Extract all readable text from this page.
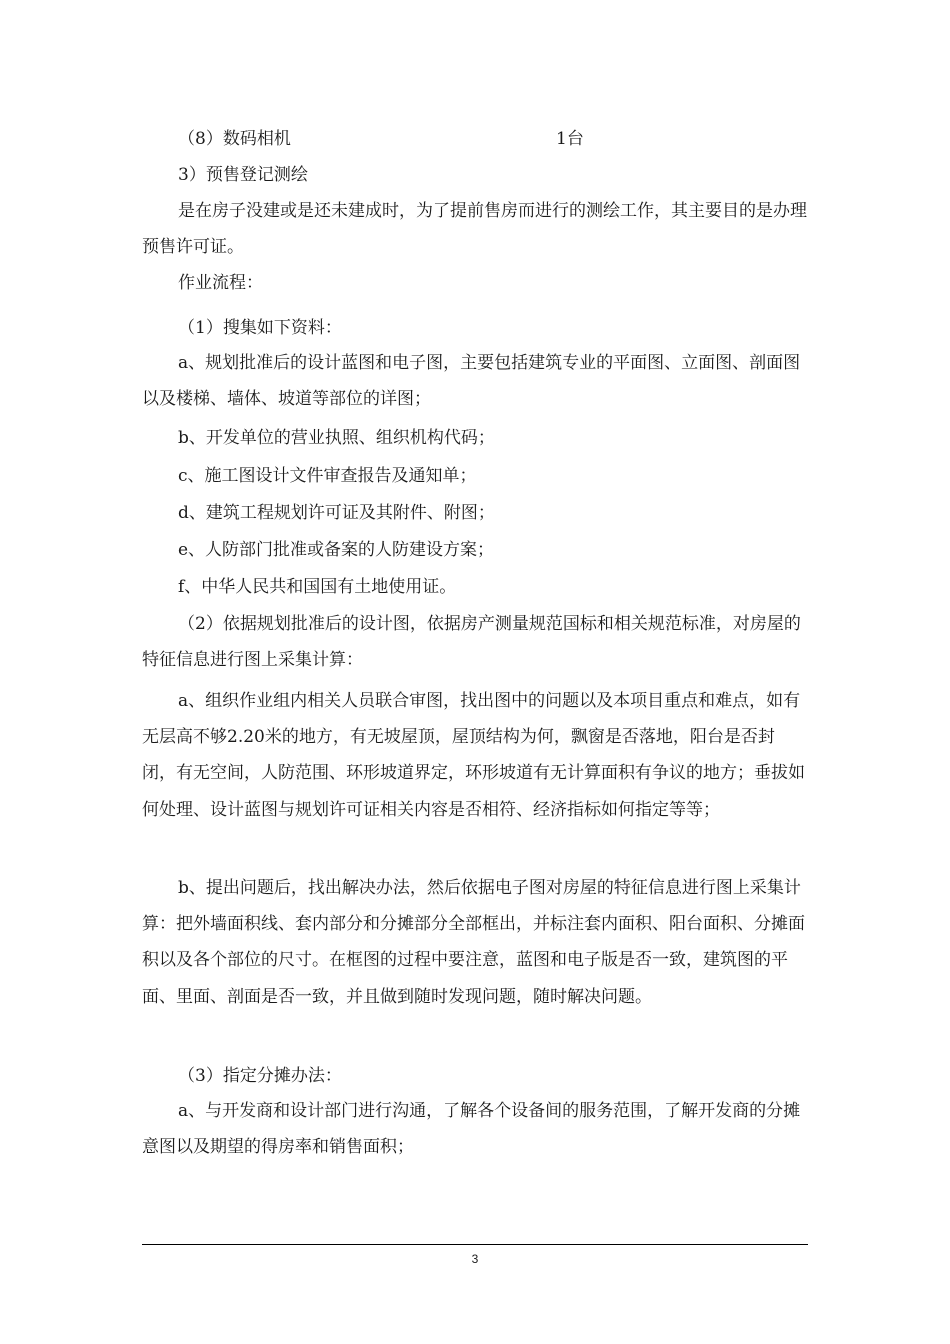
（8）数码相机	1台
3）预售登记测绘
是在房子没建或是还未建成时，为了提前售房而进行的测绘工作，其主要目的是办理预售许可证。
作业流程：
（1）搜集如下资料：
a、规划批准后的设计蓝图和电子图，主要包括建筑专业的平面图、立面图、剖面图以及楼梯、墙体、坡道等部位的详图；
b、开发单位的营业执照、组织机构代码；
c、施工图设计文件审查报告及通知单；
d、建筑工程规划许可证及其附件、附图；
e、人防部门批准或备案的人防建设方案；
f、中华人民共和国国有土地使用证。
（2）依据规划批准后的设计图，依据房产测量规范国标和相关规范标准，对房屋的特征信息进行图上采集计算：
a、组织作业组内相关人员联合审图，找出图中的问题以及本项目重点和难点，如有无层高不够2.20米的地方，有无坡屋顶，屋顶结构为何，飘窗是否落地，阳台是否封闭，有无空间，人防范围、环形坡道界定，环形坡道有无计算面积有争议的地方；垂拔如何处理、设计蓝图与规划许可证相关内容是否相符、经济指标如何指定等等；
b、提出问题后，找出解决办法，然后依据电子图对房屋的特征信息进行图上采集计算：把外墙面积线、套内部分和分摊部分全部框出，并标注套内面积、阳台面积、分摊面积以及各个部位的尺寸。在框图的过程中要注意，蓝图和电子版是否一致，建筑图的平面、里面、剖面是否一致，并且做到随时发现问题，随时解决问题。
（3）指定分摊办法：
a、与开发商和设计部门进行沟通，了解各个设备间的服务范围，了解开发商的分摊意图以及期望的得房率和销售面积；
3
